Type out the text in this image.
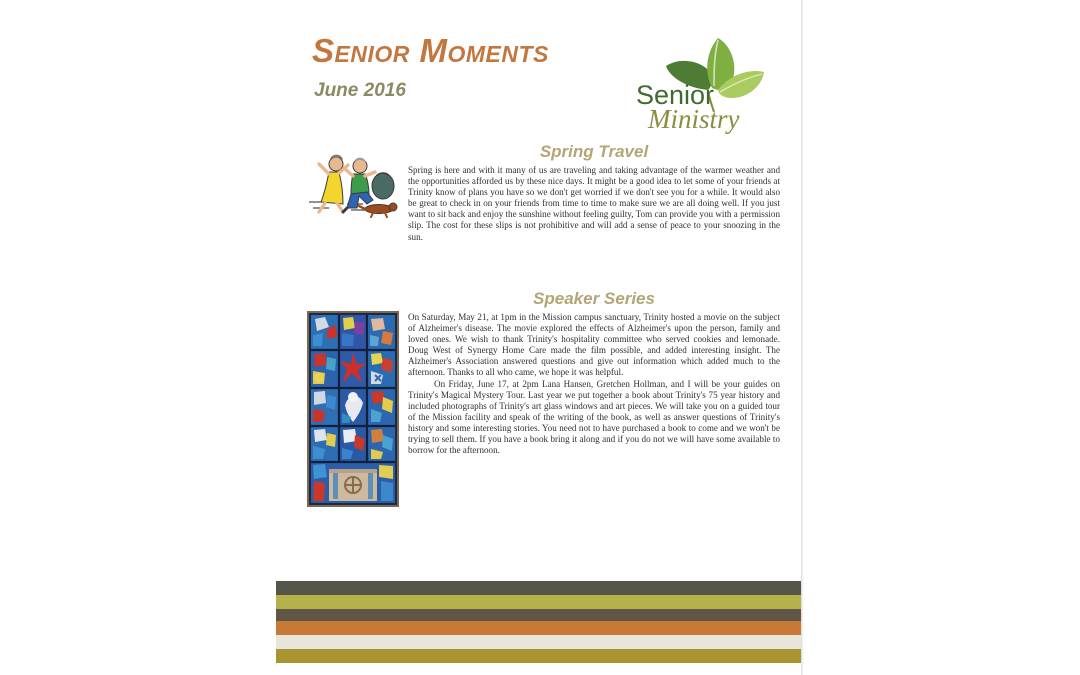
Senior Moments
June 2016	Senior
Ministry
Spring Travel

Spring is here and with it many of us are traveling and taking advantage of the warmer weather and the opportunities afforded us by these nice days. It might be a good idea to let some of your friends at Trinity know of plans you have so we don't get worried if we don't see you for a while. It would also be great to check in on your friends from time to time to make sure we are all doing well. If you just want to sit back and enjoy the sunshine without feeling guilty, Tom can provide you with a permission slip. The cost for these slips is not prohibitive and will add a sense of peace to your snoozing in the sun.

Speaker Series

On Saturday, May 21, at 1pm in the Mission campus sanctuary, Trinity hosted a movie on the subject of Alzheimer's disease. The movie explored the effects of Alzheimer's upon the person, family and loved ones. We wish to thank Trinity's hospitality committee who served cookies and lemonade. Doug West of Synergy Home Care made the film possible, and added interesting insight. The Alzheimer's Association answered questions and give out information which added much to the afternoon. Thanks to all who came, we hope it was helpful.

On Friday, June 17, at 2pm Lana Hansen, Gretchen Hollman, and I will be your guides on Trinity's Magical Mystery Tour. Last year we put together a book about Trinity's 75 year history and included photographs of Trinity's art glass windows and art pieces. We will take you on a guided tour of the Mission facility and speak of the writing of the book, as well as answer questions of Trinity's history and some interesting stories. You need not to have purchased a book to come and we won't be trying to sell them. If you have a book bring it along and if you do not we will have some available to borrow for the afternoon.
